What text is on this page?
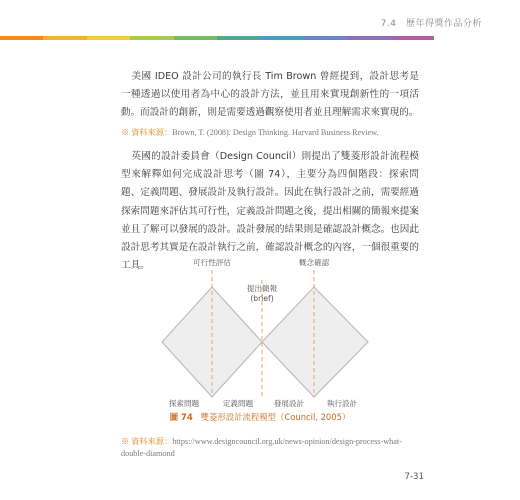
7.4　歷年得獎作品分析

美國 IDEO 設計公司的執行長 Tim Brown 曾經提到，設計思考是一種透過以使用者為中心的設計方法，並且用來實現創新性的一項活動。而設計的創新，則是需要透過觀察使用者並且理解需求來實現的。

※ 資料來源：Brown, T. (2008). Design Thinking. Harvard Business Review.

英國的設計委員會（Design Council）則提出了雙菱形設計流程模型來解釋如何完成設計思考（圖 74），主要分為四個階段：探索問題、定義問題、發展設計及執行設計。因此在執行設計之前，需要經過探索問題來評估其可行性，定義設計問題之後，提出相關的簡報來提案並且了解可以發展的設計。設計發展的結果則是確認設計概念。也因此設計思考其實是在設計執行之前，確認設計概念的內容，一個很重要的工具。	可行性評估	概念確認
提出簡報
(brief)
探索問題	定義問題	發展設計	執行設計
圖 74 雙菱形設計流程模型（Council, 2005）
※ 資料來源：https://www.designcouncil.org.uk/news-opinion/design-process-what-double-diamond
7-31
